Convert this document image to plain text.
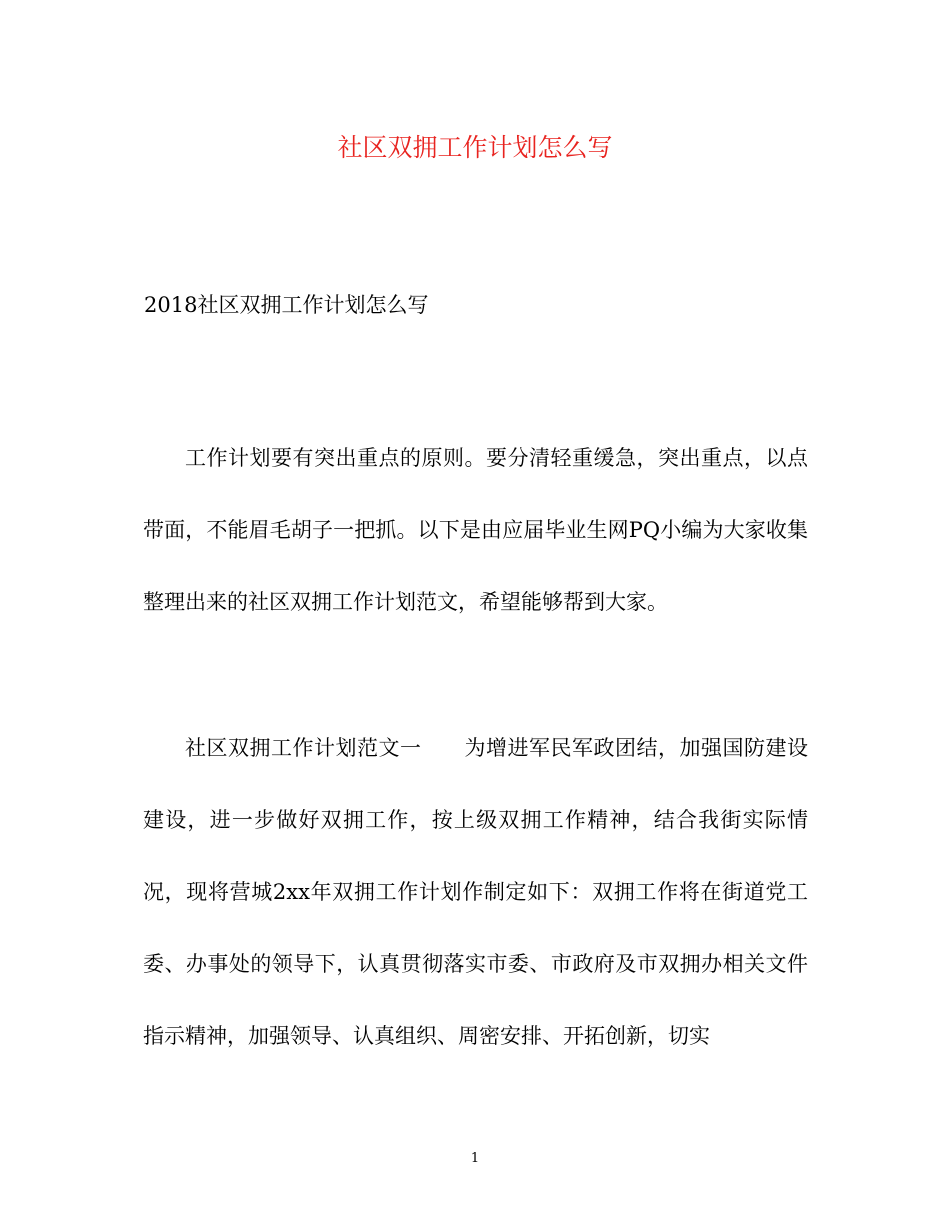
社区双拥工作计划怎么写
2018社区双拥工作计划怎么写
工作计划要有突出重点的原则。要分清轻重缓急，突出重点，以点带面，不能眉毛胡子一把抓。以下是由应届毕业生网PQ小编为大家收集整理出来的社区双拥工作计划范文，希望能够帮到大家。
社区双拥工作计划范文一　　为增进军民军政团结，加强国防建设建设，进一步做好双拥工作，按上级双拥工作精神，结合我街实际情况，现将营城2xx年双拥工作计划作制定如下：双拥工作将在街道党工委、办事处的领导下，认真贯彻落实市委、市政府及市双拥办相关文件指示精神，加强领导、认真组织、周密安排、开拓创新，切实
1
